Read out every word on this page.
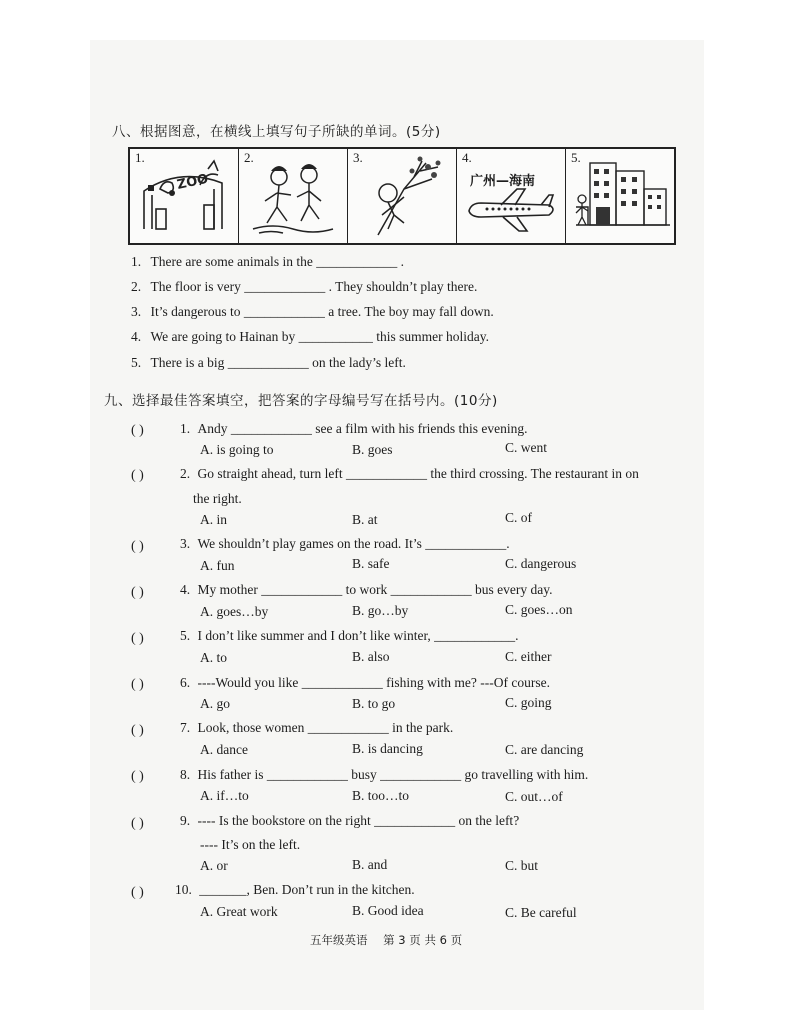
八、根据图意，在横线上填写句子所缺的单词。(5分)
1.
ZOO
2.	3.	4.
广州—海南
5.
1. There are some animals in the ____________ .
2. The floor is very ____________ . They shouldn’t play there.
3. It’s dangerous to ____________ a tree. The boy may fall down.
4. We are going to Hainan by ___________ this summer holiday.
5. There is a big ____________ on the lady’s left.
九、选择最佳答案填空，把答案的字母编号写在括号内。(10分)
( )	1. Andy ____________ see a film with his friends this evening.
A. is going to	B. goes	C. went
( )	2. Go straight ahead, turn left ____________ the third crossing. The restaurant in on
the right.
A. in	B. at	C. of
( )	3. We shouldn’t play games on the road. It’s ____________.
A. fun	B. safe	C. dangerous
( )	4. My mother ____________ to work ____________ bus every day.
A. goes…by	B. go…by	C. goes…on
( )	5. I don’t like summer and I don’t like winter, ____________.
A. to	B. also	C. either
( )	6. ----Would you like ____________ fishing with me? ---Of course.
A. go	B. to go	C. going
( )	7. Look, those women ____________ in the park.
A. dance	B. is dancing	C. are dancing
( )	8. His father is ____________ busy ____________ go travelling with him.
A. if…to	B. too…to	C. out…of
( )	9. ---- Is the bookstore on the right ____________ on the left?
---- It’s on the left.
A. or	B. and	C. but
( ) 10. _______, Ben. Don’t run in the kitchen.
A. Great work	B. Good idea	C. Be careful
五年级英语 第 3 页 共 6 页
